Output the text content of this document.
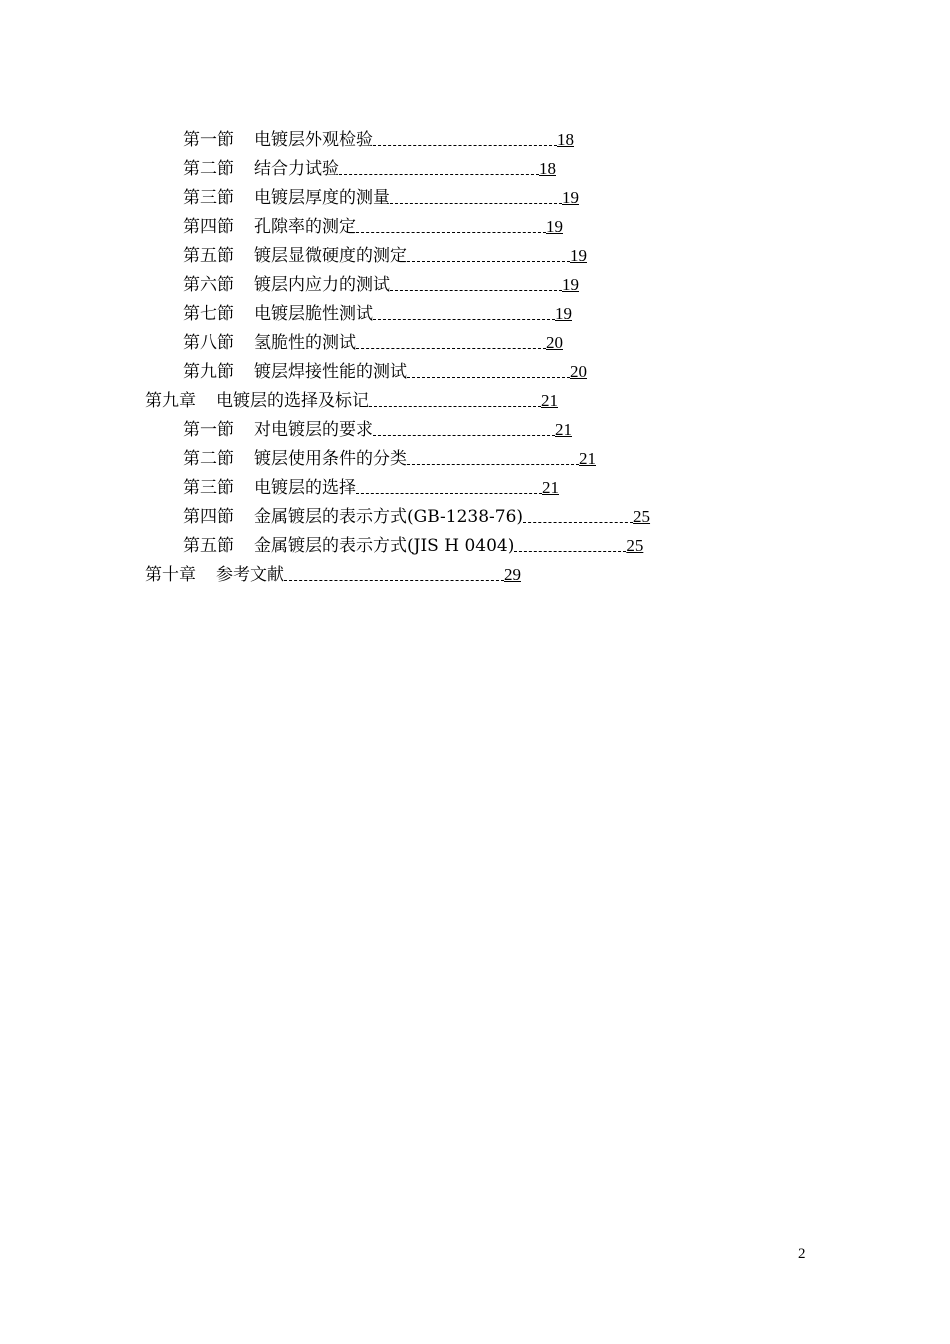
第一節 电镀层外观检验	18
第二節 结合力试验	18
第三節 电镀层厚度的测量	19
第四節 孔隙率的测定	19
第五節 镀层显微硬度的测定	19
第六節 镀层内应力的测试	19
第七節 电镀层脆性测试	19
第八節 氢脆性的测试	20
第九節 镀层焊接性能的测试	20
第九章 电镀层的选择及标记	21
第一節 对电镀层的要求	21
第二節 镀层使用条件的分类	21
第三節 电镀层的选择	21
第四節 金属镀层的表示方式(GB-1238-76)	25
第五節 金属镀层的表示方式(JIS H 0404)	25
第十章 参考文献	29
2
